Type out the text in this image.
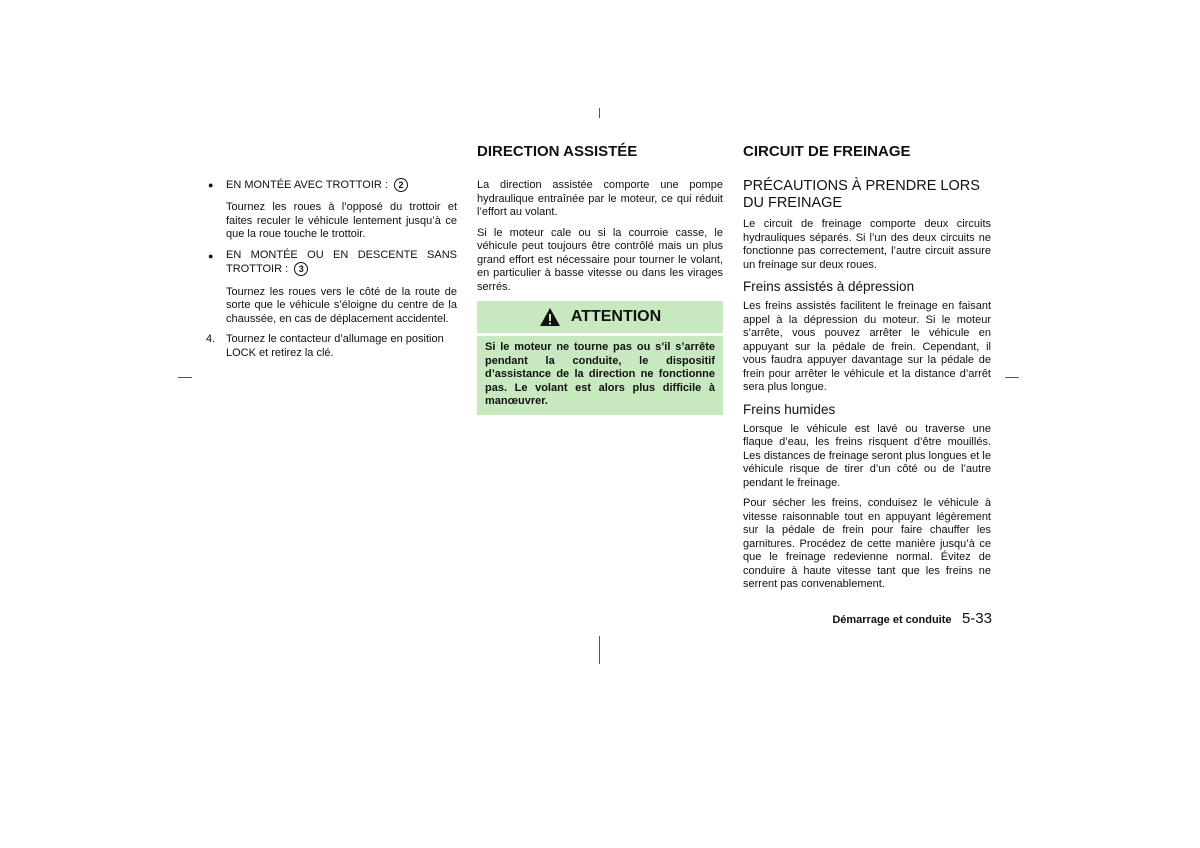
● EN MONTÉE AVEC TROTTOIR : 2

Tournez les roues à l’opposé du trottoir et faites reculer le véhicule lentement jusqu’à ce que la roue touche le trottoir.

● EN MONTÉE OU EN DESCENTE SANS TROTTOIR : 3

Tournez les roues vers le côté de la route de sorte que le véhicule s’éloigne du centre de la chaussée, en cas de déplacement accidentel.

4. Tournez le contacteur d’allumage en position LOCK et retirez la clé.
DIRECTION ASSISTÉE

La direction assistée comporte une pompe hydraulique entraînée par le moteur, ce qui réduit l’effort au volant.

Si le moteur cale ou si la courroie casse, le véhicule peut toujours être contrôlé mais un plus grand effort est nécessaire pour tourner le volant, en particulier à basse vitesse ou dans les virages serrés.

ATTENTION
Si le moteur ne tourne pas ou s’il s’arrête pendant la conduite, le dispositif d’assistance de la direction ne fonctionne pas. Le volant est alors plus difficile à manœuvrer.
CIRCUIT DE FREINAGE
PRÉCAUTIONS À PRENDRE LORS DU FREINAGE

Le circuit de freinage comporte deux circuits hydrauliques séparés. Si l’un des deux circuits ne fonctionne pas correctement, l’autre circuit assure un freinage sur deux roues.

Freins assistés à dépression

Les freins assistés facilitent le freinage en faisant appel à la dépression du moteur. Si le moteur s’arrête, vous pouvez arrêter le véhicule en appuyant sur la pédale de frein. Cependant, il vous faudra appuyer davantage sur la pédale de frein pour arrêter le véhicule et la distance d’arrêt sera plus longue.

Freins humides

Lorsque le véhicule est lavé ou traverse une flaque d’eau, les freins risquent d’être mouillés. Les distances de freinage seront plus longues et le véhicule risque de tirer d’un côté ou de l’autre pendant le freinage.

Pour sécher les freins, conduisez le véhicule à vitesse raisonnable tout en appuyant légèrement sur la pédale de frein pour faire chauffer les garnitures. Procédez de cette manière jusqu’à ce que le freinage redevienne normal. Évitez de conduire à haute vitesse tant que les freins ne serrent pas convenablement.

Démarrage et conduite 5-33
